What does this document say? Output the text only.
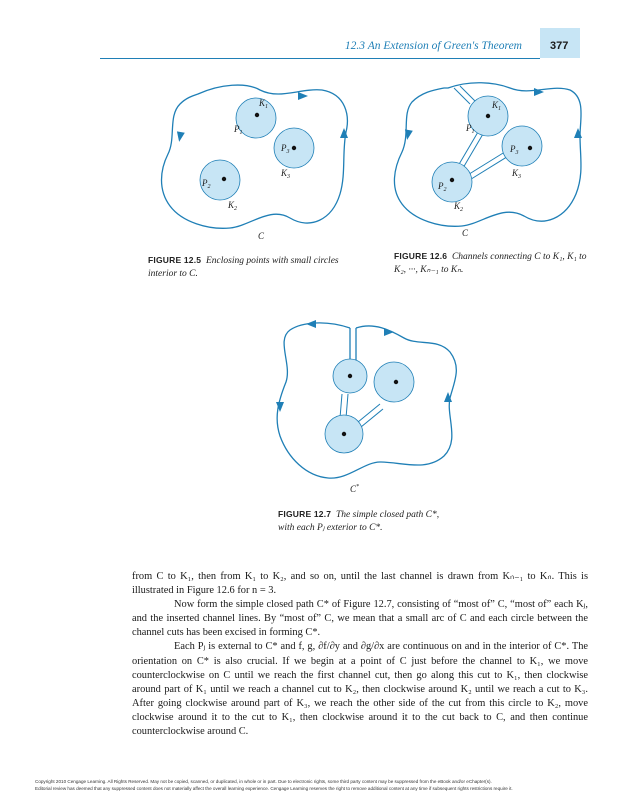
12.3 An Extension of Green's Theorem	377
$K_1$
$P_1$
$P_3$
$K_3$
$P_2$
$K_2$
C
FIGURE 12.5 Enclosing points with small circles interior to C.
$K_1$
$P_1$
$P_3$
$K_3$
$P_2$
$K_2$
C
FIGURE 12.6 Channels connecting C to K₁, K₁ to K₂, ···, Kₙ₋₁ to Kₙ.
C*
FIGURE 12.7 The simple closed path C*, with each Pⱼ exterior to C*.

from C to K₁, then from K₁ to K₂, and so on, until the last channel is drawn from Kₙ₋₁ to Kₙ. This is illustrated in Figure 12.6 for n = 3.

Now form the simple closed path C* of Figure 12.7, consisting of “most of” C, “most of” each Kⱼ, and the inserted channel lines. By “most of” C, we mean that a small arc of C and each circle between the channel cuts has been excised in forming C*.

Each Pⱼ is external to C* and f, g, ∂f/∂y and ∂g/∂x are continuous on and in the interior of C*. The orientation on C* is also crucial. If we begin at a point of C just before the channel to K₁, we move counterclockwise on C until we reach the first channel cut, then go along this cut to K₁, then clockwise around part of K₁ until we reach a channel cut to K₂, then clockwise around K₂ until we reach a cut to K₃. After going clockwise around part of K₃, we reach the other side of the cut from this circle to K₂, move clockwise around it to the cut to K₁, then clockwise around it to the cut back to C, and then continue counterclockwise around C.

Copyright 2010 Cengage Learning. All Rights Reserved. May not be copied, scanned, or duplicated, in whole or in part. Due to electronic rights, some third party content may be suppressed from the eBook and/or eChapter(s).
Editorial review has deemed that any suppressed content does not materially affect the overall learning experience. Cengage Learning reserves the right to remove additional content at any time if subsequent rights restrictions require it.
